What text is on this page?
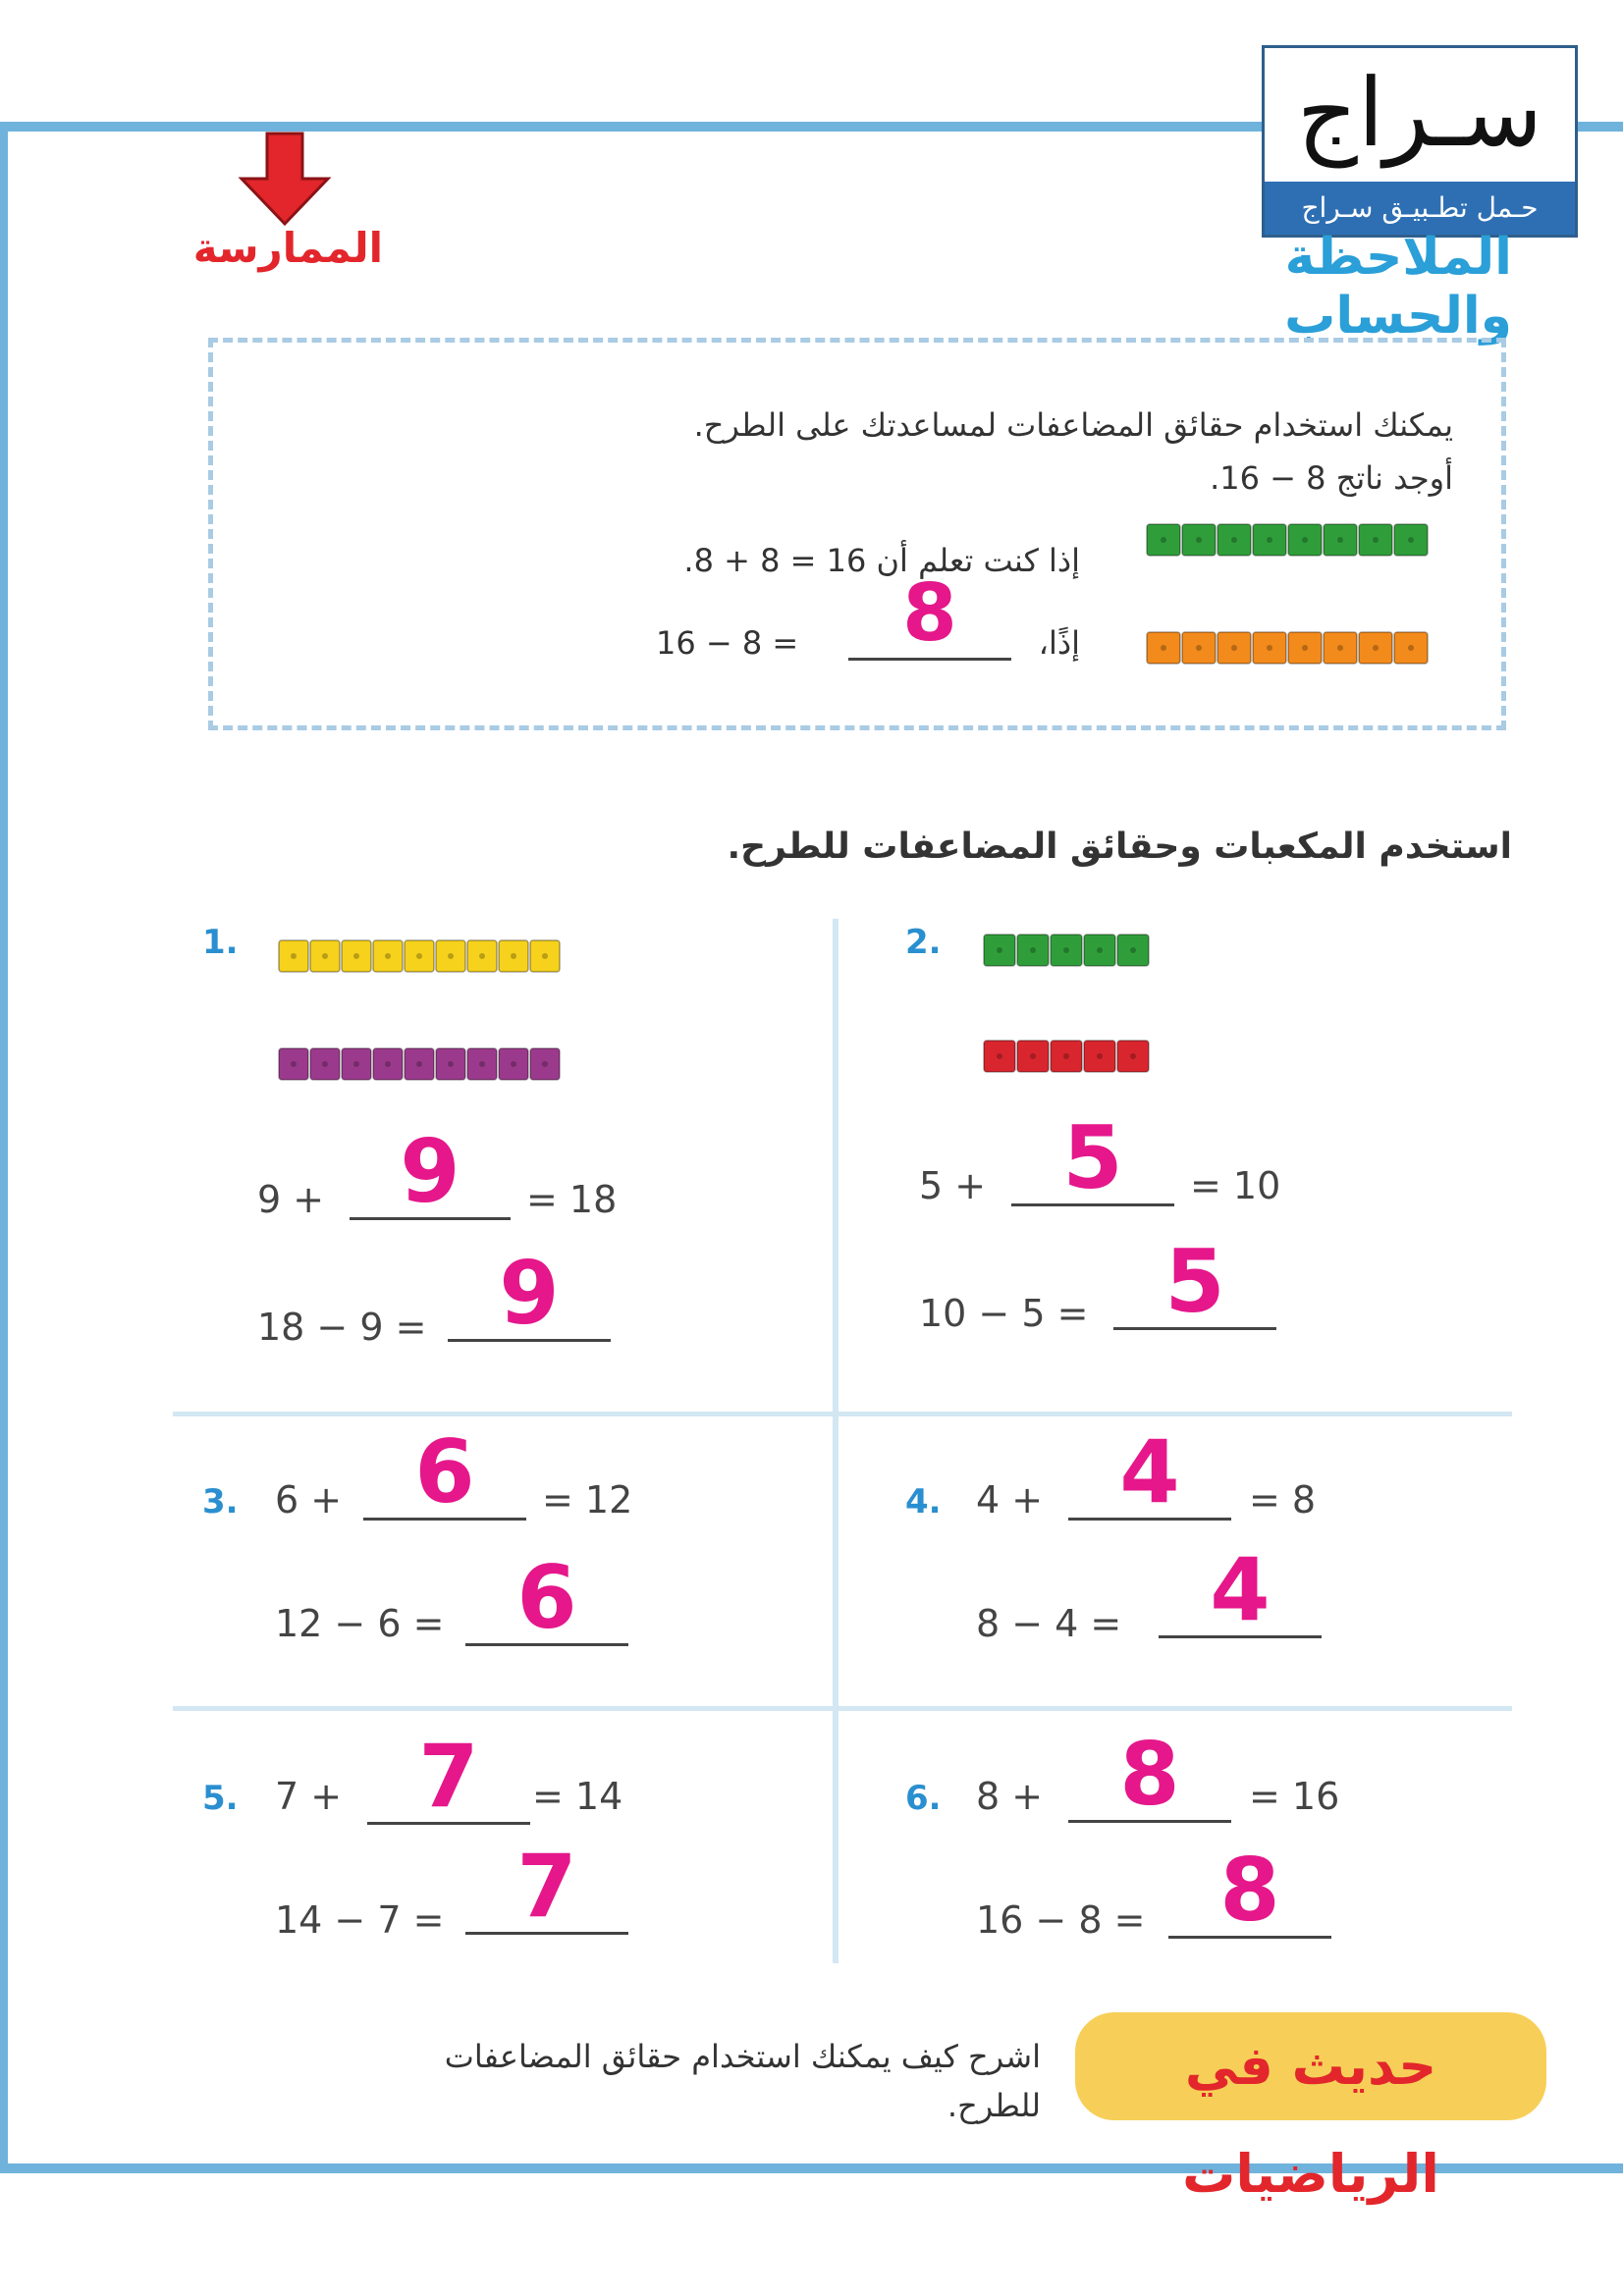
سـراج
حـمل تطـبيـق سـراج
الملاحظة والحساب
الممارسة
يمكنك استخدام حقائق المضاعفات لمساعدتك على الطرح.
أوجد ناتج 8 − 16.
إذا كنت تعلم أن 16 = 8 + 8.
إذًا،
16 − 8 =	8
استخدم المكعبات وحقائق المضاعفات للطرح.
1.
9 + 9	= 18
18 − 9 = 9
2.
5 + 5	= 10
10 − 5 = 5
3. 6 + 6	= 12
12 − 6 = 6
4. 4 + 4	= 8
8 − 4 =	4
5. 7 + 7	= 14
14 − 7 = 7
6. 8 + 8	= 16
16 − 8 = 8
حديث في الرياضيات
اشرح كيف يمكنك استخدام حقائق المضاعفات
للطرح.
